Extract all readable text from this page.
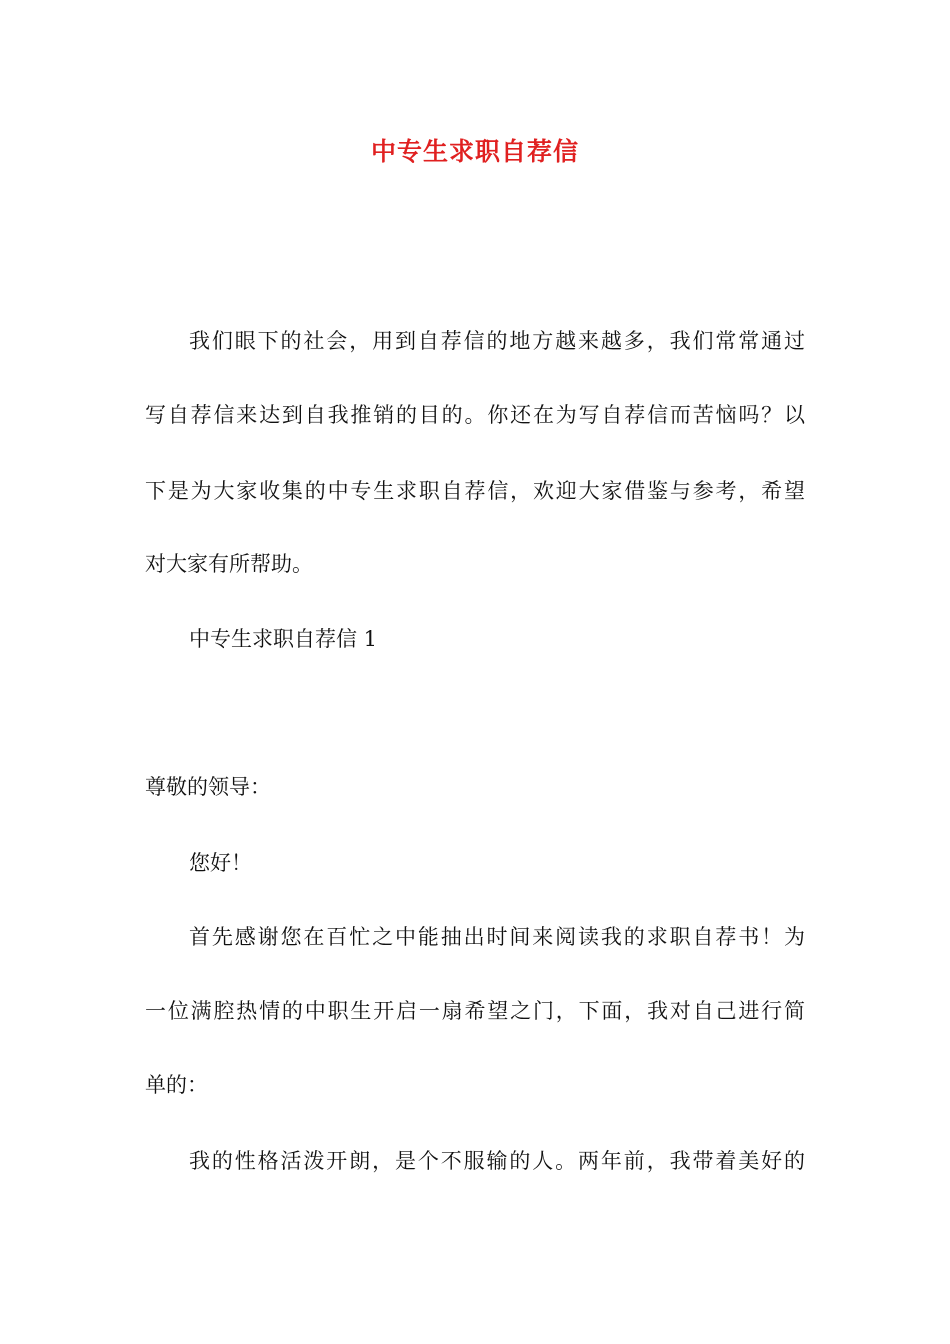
中专生求职自荐信
我们眼下的社会，用到自荐信的地方越来越多，我们常常通过
写自荐信来达到自我推销的目的。你还在为写自荐信而苦恼吗？以
下是为大家收集的中专生求职自荐信，欢迎大家借鉴与参考，希望
对大家有所帮助。
中专生求职自荐信 1
尊敬的领导：
您好！
首先感谢您在百忙之中能抽出时间来阅读我的求职自荐书！为
一位满腔热情的中职生开启一扇希望之门，下面，我对自己进行简
单的：
我的性格活泼开朗，是个不服输的人。两年前，我带着美好的
